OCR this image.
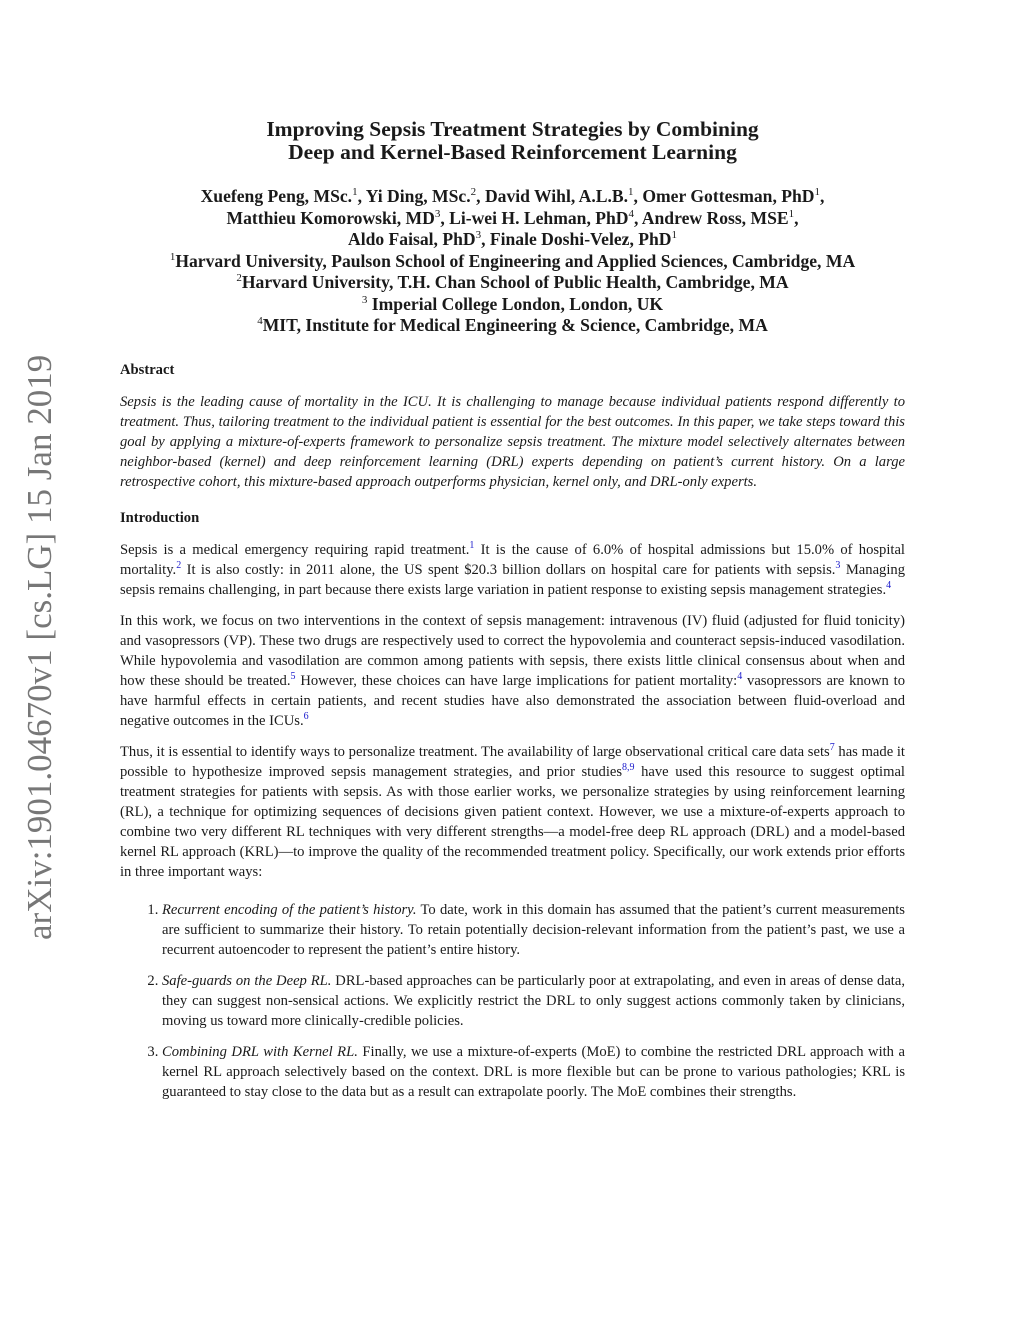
arXiv:1901.04670v1 [cs.LG] 15 Jan 2019
Improving Sepsis Treatment Strategies by Combining
Deep and Kernel-Based Reinforcement Learning
Xuefeng Peng, MSc.$^1$, Yi Ding, MSc.$^2$, David Wihl, A.L.B.$^1$, Omer Gottesman, PhD$^1$,
Matthieu Komorowski, $MD^3$, Li-wei H. Lehman, PhD$^4$, Andrew Ross, MSE$^1$,
Aldo Faisal, PhD$^3$, Finale Doshi-Velez, PhD$^1$
$^1$Harvard University, Paulson School of Engineering and Applied Sciences, Cambridge, MA
$^2$Harvard University, T.H. Chan School of Public Health, Cambridge, MA
$^3$ Imperial College London, London, UK
$^4$MIT, Institute for Medical Engineering & Science, Cambridge, MA
Abstract

Sepsis is the leading cause of mortality in the ICU. It is challenging to manage because individual patients respond differently to treatment. Thus, tailoring treatment to the individual patient is essential for the best outcomes. In this paper, we take steps toward this goal by applying a mixture-of-experts framework to personalize sepsis treatment. The mixture model selectively alternates between neighbor-based (kernel) and deep reinforcement learning (DRL) experts depending on patient’s current history. On a large retrospective cohort, this mixture-based approach outperforms physician, kernel only, and DRL-only experts.

Introduction

Sepsis is a medical emergency requiring rapid treatment.$^1$ It is the cause of 6.0% of hospital admissions but 15.0% of hospital mortality.$^2$ It is also costly: in 2011 alone, the US spent $20.3 billion dollars on hospital care for patients with sepsis.$^3$ Managing sepsis remains challenging, in part because there exists large variation in patient response to existing sepsis management strategies.$^4$

In this work, we focus on two interventions in the context of sepsis management: intravenous (IV) fluid (adjusted for fluid tonicity) and vasopressors (VP). These two drugs are respectively used to correct the hypovolemia and counteract sepsis-induced vasodilation. While hypovolemia and vasodilation are common among patients with sepsis, there exists little clinical consensus about when and how these should be treated.$^5$ However, these choices can have large implications for patient mortality:$^4$ vasopressors are known to have harmful effects in certain patients, and recent studies have also demonstrated the association between fluid-overload and negative outcomes in the ICUs.$^6$

Thus, it is essential to identify ways to personalize treatment. The availability of large observational critical care data sets$^7$ has made it possible to hypothesize improved sepsis management strategies, and prior studies$^{8,9}$ have used this resource to suggest optimal treatment strategies for patients with sepsis. As with those earlier works, we personalize strategies by using reinforcement learning (RL), a technique for optimizing sequences of decisions given patient context. However, we use a mixture-of-experts approach to combine two very different RL techniques with very different strengths—a model-free deep RL approach (DRL) and a model-based kernel RL approach (KRL)—to improve the quality of the recommended treatment policy. Specifically, our work extends prior efforts in three important ways:

1. Recurrent encoding of the patient’s history. To date, work in this domain has assumed that the patient’s current measurements are sufficient to summarize their history. To retain potentially decision-relevant information from the patient’s past, we use a recurrent autoencoder to represent the patient’s entire history.
2. Safe-guards on the Deep RL. DRL-based approaches can be particularly poor at extrapolating, and even in areas of dense data, they can suggest non-sensical actions. We explicitly restrict the DRL to only suggest actions commonly taken by clinicians, moving us toward more clinically-credible policies.
3. Combining DRL with Kernel RL. Finally, we use a mixture-of-experts (MoE) to combine the restricted DRL approach with a kernel RL approach selectively based on the context. DRL is more flexible but can be prone to various pathologies; KRL is guaranteed to stay close to the data but as a result can extrapolate poorly. The MoE combines their strengths.
